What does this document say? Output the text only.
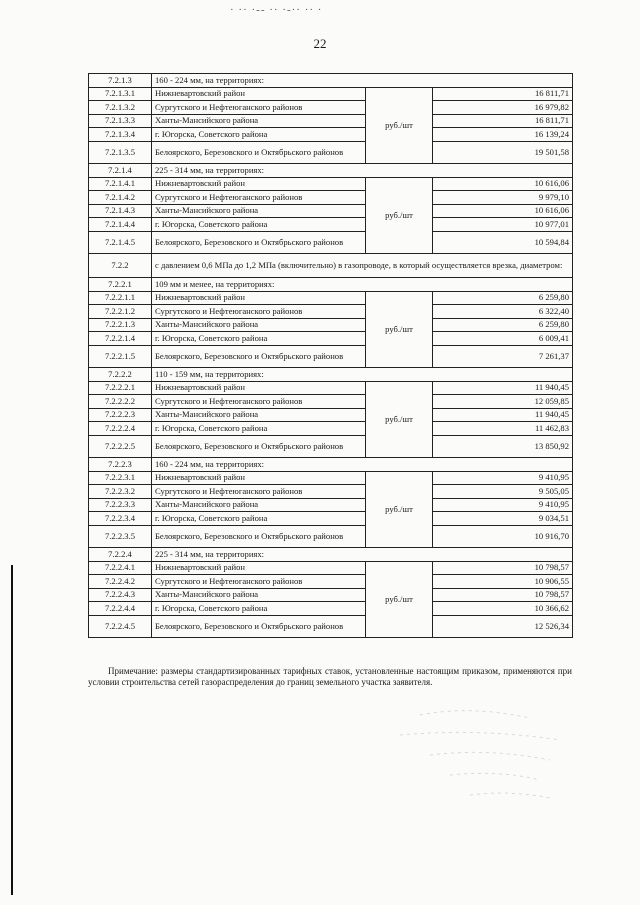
· ·· ·‑‑ ·· ·‑·· ·· ·
22
7.2.1.3	160 - 224 мм, на территориях:		
7.2.1.3.1	Нижневартовский район	руб./шт	16 811,71
7.2.1.3.2	Сургутского и Нефтеюганского районов		16 979,82
7.2.1.3.3	Ханты-Мансийского района		16 811,71
7.2.1.3.4	г. Югорска, Советского района		16 139,24
7.2.1.3.5	Белоярского, Березовского и Октябрьского районов		19 501,58
7.2.1.4	225 - 314 мм, на территориях:		
7.2.1.4.1	Нижневартовский район	руб./шт	10 616,06
7.2.1.4.2	Сургутского и Нефтеюганского районов		9 979,10
7.2.1.4.3	Ханты-Мансийского района		10 616,06
7.2.1.4.4	г. Югорска, Советского района		10 977,01
7.2.1.4.5	Белоярского, Березовского и Октябрьского районов		10 594,84
7.2.2	с давлением 0,6 МПа до 1,2 МПа (включительно) в газопроводе, в который осуществляется врезка, диаметром:		
7.2.2.1	109 мм и менее, на территориях:		
7.2.2.1.1	Нижневартовский район	руб./шт	6 259,80
7.2.2.1.2	Сургутского и Нефтеюганского районов		6 322,40
7.2.2.1.3	Ханты-Мансийского района		6 259,80
7.2.2.1.4	г. Югорска, Советского района		6 009,41
7.2.2.1.5	Белоярского, Березовского и Октябрьского районов		7 261,37
7.2.2.2	110 - 159 мм, на территориях:		
7.2.2.2.1	Нижневартовский район	руб./шт	11 940,45
7.2.2.2.2	Сургутского и Нефтеюганского районов		12 059,85
7.2.2.2.3	Ханты-Мансийского района		11 940,45
7.2.2.2.4	г. Югорска, Советского района		11 462,83
7.2.2.2.5	Белоярского, Березовского и Октябрьского районов		13 850,92
7.2.2.3	160 - 224 мм, на территориях:		
7.2.2.3.1	Нижневартовский район	руб./шт	9 410,95
7.2.2.3.2	Сургутского и Нефтеюганского районов		9 505,05
7.2.2.3.3	Ханты-Мансийского района		9 410,95
7.2.2.3.4	г. Югорска, Советского района		9 034,51
7.2.2.3.5	Белоярского, Березовского и Октябрьского районов		10 916,70
7.2.2.4	225 - 314 мм, на территориях:		
7.2.2.4.1	Нижневартовский район	руб./шт	10 798,57
7.2.2.4.2	Сургутского и Нефтеюганского районов		10 906,55
7.2.2.4.3	Ханты-Мансийского района		10 798,57
7.2.2.4.4	г. Югорска, Советского района		10 366,62
7.2.2.4.5	Белоярского, Березовского и Октябрьского районов		12 526,34
Примечание: размеры стандартизированных тарифных ставок, установленные настоящим приказом, применяются при условии строительства сетей газораспределения до границ земельного участка заявителя.
